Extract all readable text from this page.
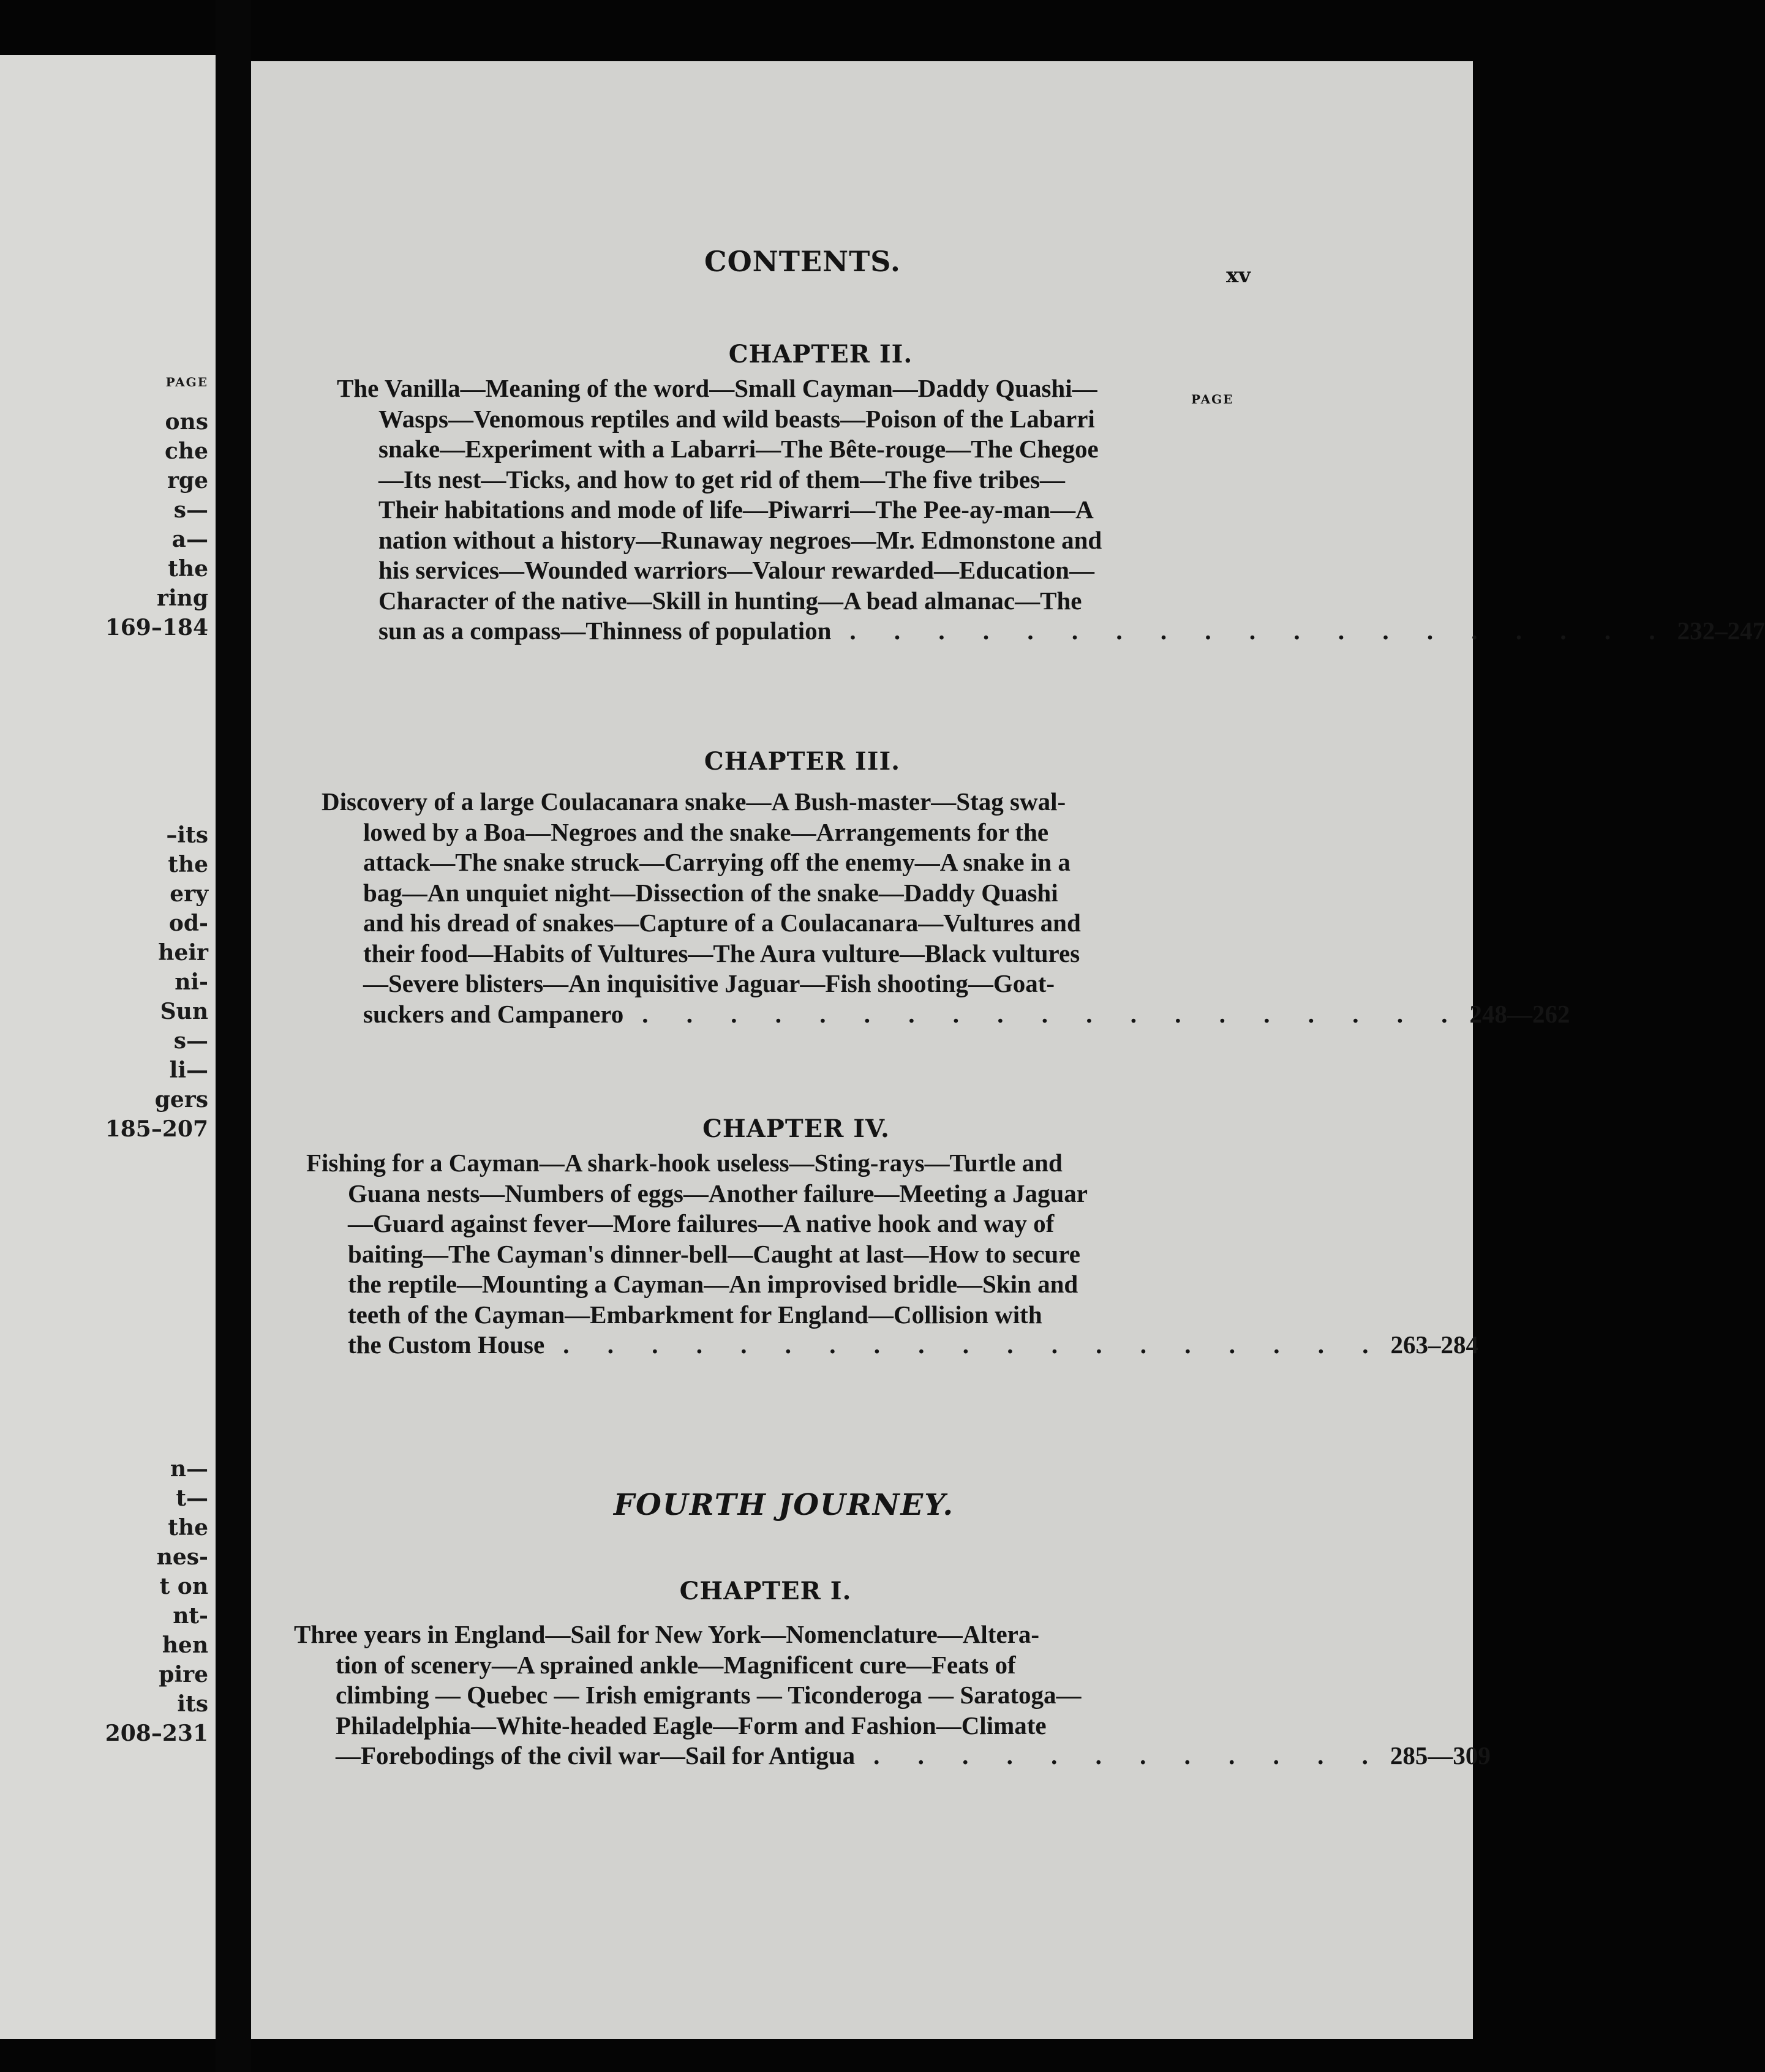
PAGE
ons
che
rge
s—
a—
the
ring
169–184
–its
the
ery
od-
heir
ni-
Sun
s—
li—
gers
185–207
n—
t—
the
nes-
t on
nt-
hen
pire
its
208–231
CONTENTS.	xv
CHAPTER II.
PAGE
The Vanilla—Meaning of the word—Small Cayman—Daddy Quashi—
Wasps—Venomous reptiles and wild beasts—Poison of the Labarri
snake—Experiment with a Labarri—The Bête-rouge—The Chegoe
—Its nest—Ticks, and how to get rid of them—The five tribes—
Their habitations and mode of life—Piwarri—The Pee-ay-man—A
nation without a history—Runaway negroes—Mr. Edmonstone and
his services—Wounded warriors—Valour rewarded—Education—
Character of the native—Skill in hunting—A bead almanac—The
sun as a compass—Thinness of population . . . . . . . . . . . . . . . . . . . 232–247
CHAPTER III.
Discovery of a large Coulacanara snake—A Bush-master—Stag swal-
lowed by a Boa—Negroes and the snake—Arrangements for the
attack—The snake struck—Carrying off the enemy—A snake in a
bag—An unquiet night—Dissection of the snake—Daddy Quashi
and his dread of snakes—Capture of a Coulacanara—Vultures and
their food—Habits of Vultures—The Aura vulture—Black vultures
—Severe blisters—An inquisitive Jaguar—Fish shooting—Goat-
suckers and Campanero . . . . . . . . . . . . . . . . . . . 248—262
CHAPTER IV.
Fishing for a Cayman—A shark-hook useless—Sting-rays—Turtle and
Guana nests—Numbers of eggs—Another failure—Meeting a Jaguar
—Guard against fever—More failures—A native hook and way of
baiting—The Cayman's dinner-bell—Caught at last—How to secure
the reptile—Mounting a Cayman—An improvised bridle—Skin and
teeth of the Cayman—Embarkment for England—Collision with
the Custom House . . . . . . . . . . . . . . . . . . . 263–284
FOURTH JOURNEY.
CHAPTER I.
Three years in England—Sail for New York—Nomenclature—Altera-
tion of scenery—A sprained ankle—Magnificent cure—Feats of
climbing — Quebec — Irish emigrants — Ticonderoga — Saratoga—
Philadelphia—White-headed Eagle—Form and Fashion—Climate
—Forebodings of the civil war—Sail for Antigua . . . . . . . . . . . . 285—309
